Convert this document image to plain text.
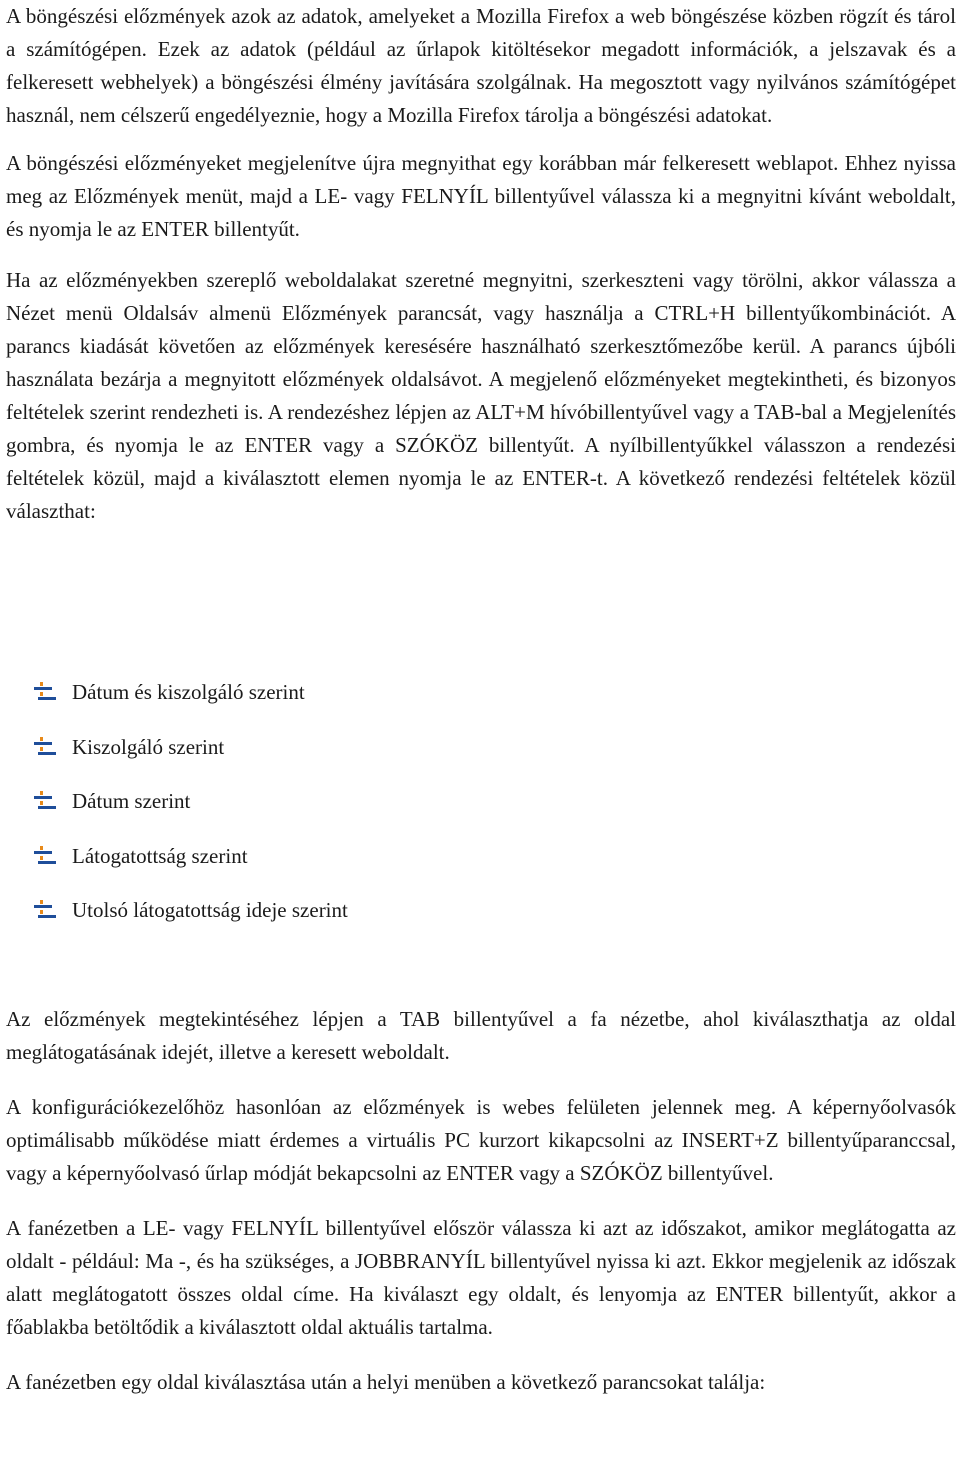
A böngészési előzmények azok az adatok, amelyeket a Mozilla Firefox a web böngészése közben rögzít és tárol a számítógépen. Ezek az adatok (például az űrlapok kitöltésekor megadott információk, a jelszavak és a felkeresett webhelyek) a böngészési élmény javítására szolgálnak. Ha megosztott vagy nyilvános számítógépet használ, nem célszerű engedélyeznie, hogy a Mozilla Firefox tárolja a böngészési adatokat.

A böngészési előzményeket megjelenítve újra megnyithat egy korábban már felkeresett weblapot. Ehhez nyissa meg az Előzmények menüt, majd a LE- vagy FELNYÍL billentyűvel válassza ki a megnyitni kívánt weboldalt, és nyomja le az ENTER billentyűt.

Ha az előzményekben szereplő weboldalakat szeretné megnyitni, szerkeszteni vagy törölni, akkor válassza a Nézet menü Oldalsáv almenü Előzmények parancsát, vagy használja a CTRL+H billentyűkombinációt. A parancs kiadását követően az előzmények keresésére használható szerkesztőmezőbe kerül. A parancs újbóli használata bezárja a megnyitott előzmények oldalsávot. A megjelenő előzményeket megtekintheti, és bizonyos feltételek szerint rendezheti is. A rendezéshez lépjen az ALT+M hívóbillentyűvel vagy a TAB-bal a Megjelenítés gombra, és nyomja le az ENTER vagy a SZÓKÖZ billentyűt. A nyílbillentyűkkel válasszon a rendezési feltételek közül, majd a kiválasztott elemen nyomja le az ENTER-t. A következő rendezési feltételek közül választhat:

Dátum és kiszolgáló szerint
Kiszolgáló szerint
Dátum szerint
Látogatottság szerint
Utolsó látogatottság ideje szerint

Az előzmények megtekintéséhez lépjen a TAB billentyűvel a fa nézetbe, ahol kiválaszthatja az oldal meglátogatásának idejét, illetve a keresett weboldalt.

A konfigurációkezelőhöz hasonlóan az előzmények is webes felületen jelennek meg. A képernyőolvasók optimálisabb működése miatt érdemes a virtuális PC kurzort kikapcsolni az INSERT+Z billentyűparanccsal, vagy a képernyőolvasó űrlap módját bekapcsolni az ENTER vagy a SZÓKÖZ billentyűvel.

A fanézetben a LE- vagy FELNYÍL billentyűvel először válassza ki azt az időszakot, amikor meglátogatta az oldalt - például: Ma -, és ha szükséges, a JOBBRANYÍL billentyűvel nyissa ki azt. Ekkor megjelenik az időszak alatt meglátogatott összes oldal címe. Ha kiválaszt egy oldalt, és lenyomja az ENTER billentyűt, akkor a főablakba betöltődik a kiválasztott oldal aktuális tartalma.

A fanézetben egy oldal kiválasztása után a helyi menüben a következő parancsokat találja:
